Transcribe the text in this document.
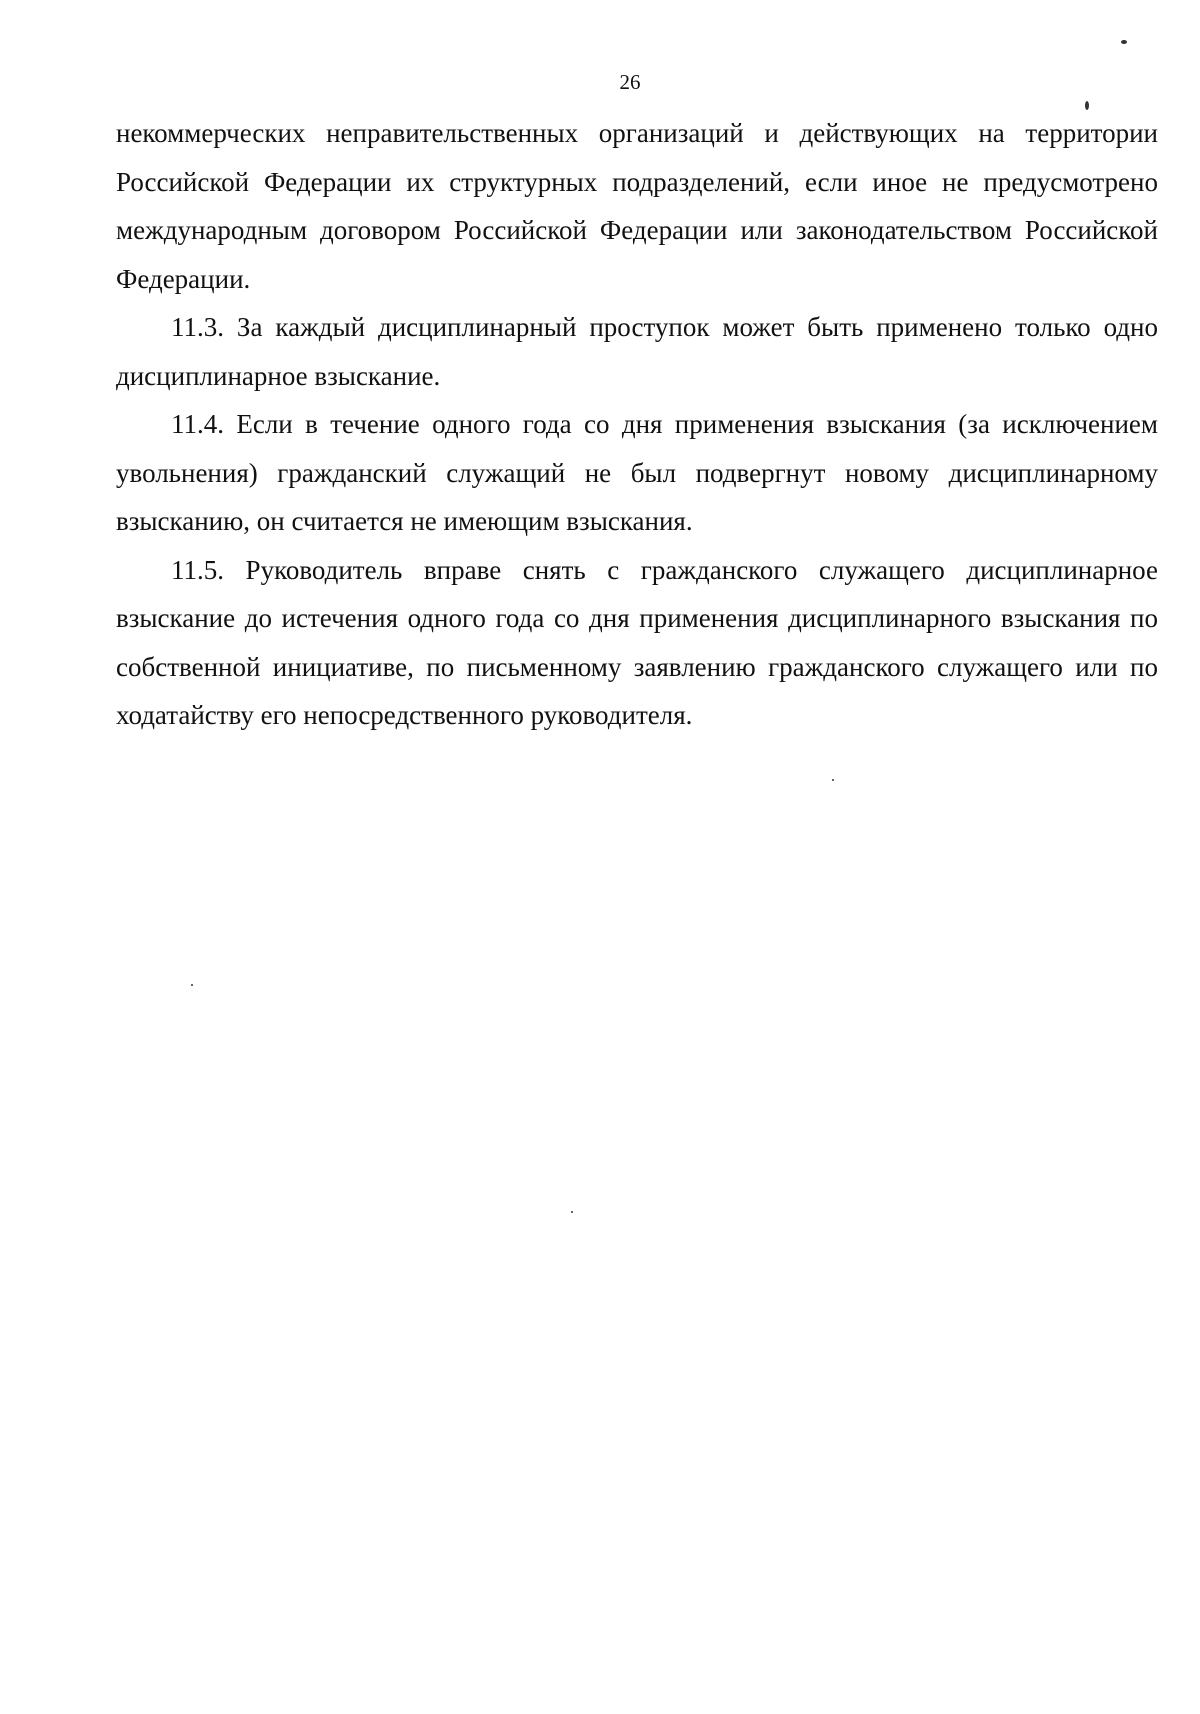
26

некоммерческих неправительственных организаций и действующих на территории Российской Федерации их структурных подразделений, если иное не предусмотрено международным договором Российской Федерации или законодательством Российской Федерации.

11.3. За каждый дисциплинарный проступок может быть применено только одно дисциплинарное взыскание.

11.4. Если в течение одного года со дня применения взыскания (за исключением увольнения) гражданский служащий не был подвергнут новому дисциплинарному взысканию, он считается не имеющим взыскания.

11.5. Руководитель вправе снять с гражданского служащего дисциплинарное взыскание до истечения одного года со дня применения дисциплинарного взыскания по собственной инициативе, по письменному заявлению гражданского служащего или по ходатайству его непосредственного руководителя.
